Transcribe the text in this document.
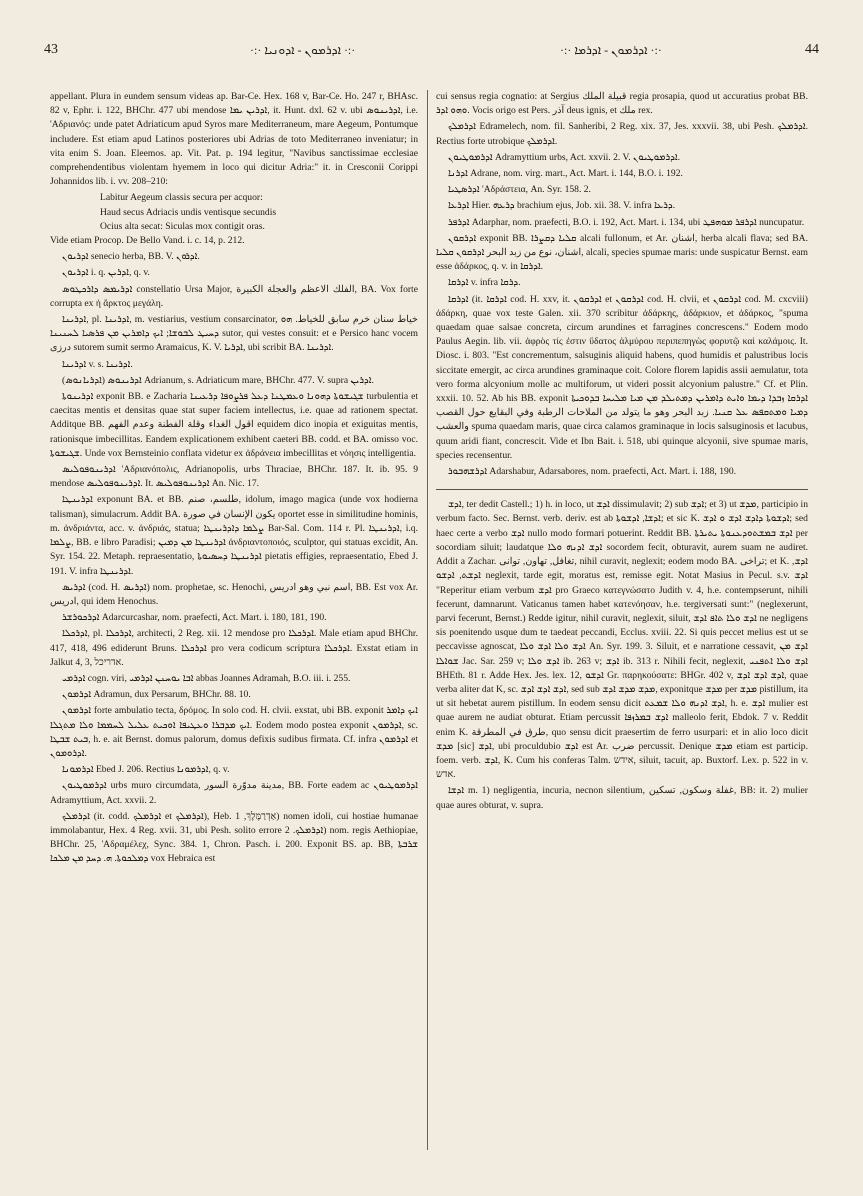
43	·:· ܐܕܪܡܘܢ - ܐܕܘܢܝܐ ·:·	·:· ܐܕܪܡܘܢ - ܐܕܪܡܐ ·:·	44

appellant. Plura in eundem sensum videas ap. Bar-Ce. Hex. 168 v, Bar-Ce. Ho. 247 r, BHAsc. 82 v, Ephr. i. 122, BHChr. 477 ubi mendose ܐܕܪܝܢ ܝܡܐ, it. Hunt. dxl. 62 v. ubi ܐܕܪܝܢܘܣ, i.e. 'Αδριανός: unde patet Adriaticum apud Syros mare Mediterraneum, mare Aegeum, Pontumque includere. Est etiam apud Latinos posteriores ubi Adrias de toto Mediterraneo inveniatur; in vita enim S. Joan. Eleemos. ap. Vit. Pat. p. 194 legitur, "Navibus sanctissimae ecclesiae comprehendentibus violentam hyemem in loco qui dicitur Adria:" it. in Cresconii Corippi Johannidos lib. i. vv. 208–210:

Labitur Aegeum classis secura per acquor:
Haud secus Adriacis undis ventisque secundis
Ocius alta secat: Siculas mox contigit oras.

Vide etiam Procop. De Bello Vand. i. c. 14, p. 212.

ܐܕܪܝܘܢ senecio herba, BB. V. ܐܕܪܘܢ.

ܐܕܪܝܘܢ i. q. ܐܕܪܝܢ, q. v.

ܐܕܪܝܡܣ ܕܐܪܟܛܘܣ constellatio Ursa Major, الفلك الاعظم والعجلة الكبيرة, BA. Vox forte corrupta ex ἡ ἄρκτος μεγάλη.

ܐܕܪܝܢܐ, pl. ܐܕܪܝܢܐ, m. vestiarius, vestium consarcinator, خياط سنان خرم سابق للخياط. ܗܘ ܕܚܝܛ ܠܒܘܫܐ; ܐܝܟ ܕܐܡܪܝܢ ܡܢ ܦܪܣܝܐ ܠܚܢܝܢܐ sutor, qui vestes consuit: et e Persico hanc vocem درزی sutorem sumit sermo Aramaicus, K. V. ܐܕܪܝܐ, ubi scribit BA. ܐܕܪܝܢܐ.

ܐܕܪܝܢܐ v. s. ܐܕܪܝܢܐ.

ܐܕܪܝܢܘܣ (ܐܕܪܝܐܢܘܣ) Adrianum, s. Adriaticum mare, BHChr. 477. V. supra ܐܕܪܝܢ.

ܐܕܪܝܢܘܬܐ exponit BB. e Zacharia ܫܓܝܫܘܬܐ ܕܗܘܢܐ ܘܥܡܛܢܐ ܕܥܠ ܦܪܨܘܦܐ ܕܪܥܝܢܐ turbulentia et caecitas mentis et densitas quae stat super faciem intellectus, i.e. quae ad rationem spectat. Additque BB. اقول الغداء وقلة الفطنة وعدم الفهم equidem dico inopia et exiguitas mentis, rationisque imbecillitas. Eandem explicationem exhibent caeteri BB. codd. et BA. omisso voc. ܫܓܝܫܘܬܐ. Unde vox Bernsteinio conflata videtur ex ἀδράνεια imbecillitas et νόησις intelligentia.

ܐܕܪܝܢܘܦܘܠܝܣ 'Αδριανόπολις, Adrianopolis, urbs Thraciae, BHChr. 187. It. ib. 95. 9 mendose ܐܕܪܝܢܘܦܘܠܝܣ. It. ܐܕܪܝܢܘܦܘܠܝܣ An. Nic. 17.

ܐܕܪܝܢܛܐ exponunt BA. et BB. طلسم، صنم, idolum, imago magica (unde vox hodierna talisman), simulacrum. Addit BA. يكون الإنسان في صورة oportet esse in similitudine hominis, m. ἀνδριάντα, acc. v. ἀνδριάς, statua; ܨܠܡܐ ܕܐܕܪܝܢܛܐ Bar-Sal. Com. 114 r. Pl. ܐܕܪܝܢܛܐ, i.q. ܨܠܡܐ, BB. e libro Paradisi; ܐܕܪܝܢܛܐ ܡܢ ܕܡܝܢ ἀνδριαντοποιός, sculptor, qui statuas excidit, An. Syr. 154. 22. Metaph. repraesentatio, ܐܕܪܝܢܛܐ ܕܚܣܝܘܬܐ pietatis effigies, repraesentatio, Ebed J. 191. V. infra ܐܕܪܝܢܛܐ.

ܐܕܪܝܣ (cod. H. ܐܕܪܝܣ) nom. prophetae, sc. Henochi, اسم نبي وهو ادريس, BB. Est vox Ar. ادريس, qui idem Henochus.

ܐܕܪܟܘܪܫܪ Adarcurcashar, nom. praefecti, Act. Mart. i. 180, 181, 190.

ܐܕܪܟܠܐ, pl. ܐܕܪܟܠܐ, architecti, 2 Reg. xii. 12 mendose pro ܐܕܪܟܠܐ. Male etiam apud BHChr. 417, 418, 496 ediderunt Bruns. ܐܕܪܟܠܐ pro vera codicum scriptura ܐܕܪܟܠܐ. Exstat etiam in Jalkut 4, 3, אדריכל.

ܐܕܪܡܝ cogn. viri, ܐܒܐ ܝܘܚܢܢ ܐܕܪܡܝ abbas Joannes Adramah, B.O. iii. i. 255.

ܐܕܪܡܘܢ Adramun, dux Persarum, BHChr. 88. 10.

ܐܕܪܡܘܢ forte ambulatio tecta, δρόμος. In solo cod. H. clvii. exstat, ubi BB. exponit ܐܝܟ ܕܐܡܪ ܐܝܟ ܡܕܒܪܐ ܘܥܛܝܦܐ ܐܘܟܝܬ ܥܠܝܠ ܠܚܡܡܐ ܘܠܐ ܡܬܓܠܐ. Eodem modo postea exponit ܐܕܪܡܘܢ, sc. ܒܝܬ ܫܒܛܐ, h. e. ait Bernst. domus palorum, domus defixis sudibus firmata. Cf. infra ܐܕܪܡܘܢ et ܐܕܪܘܡܘܢ.

ܐܕܪܡܘܢܐ Ebed J. 206. Rectius ܐܕܪܡܘܢܐ, q. v.

ܐܕܪܡܘܛܝܘܢ urbs muro circumdata, مدينة مدوّرة السور, BB. Forte eadem ac ܐܕܪܡܘܛܝܘܢ Adramyttium, Act. xxvii. 2.

ܐܕܪܡܠܟ (it. codd. ܐܕܪܡܠܟ et ܐܕܪܡܠܟ), Heb. אַדְרַמֶּלֶךְ, 1) nomen idoli, cui hostiae humanae immolabantur, Hex. 4 Reg. xvii. 31, ubi Pesh. solito errore ܐܕܪܡܠܟ. 2) nom. regis Aethiopiae, BHChr. 25, 'Αδραμέλεχ, Sync. 384. 1, Chron. Pasch. i. 200. Exponit BS. ap. BB, ܫܪܒܬܐ ܕܡܠܟܘܬܐ. ܗ. ܕܚܕ ܡܢ ܡܠܟܐ vox Hebraica est

cui sensus regia cognatio: at Sergius قبيلة الملك regia prosapia, quod ut accuratius probat BB. ܘܗܘ ܐܕܪ. Vocis origo est Pers. آذر deus ignis, et ملك rex.

ܐܕܪܡܠܟ Edramelech, nom. fil. Sanheribi, 2 Reg. xix. 37, Jes. xxxvii. 38, ubi Pesh. ܐܕܪܡܠܟ. Rectius forte utrobique ܐܕܪܡܠܟ.

ܐܕܪܡܘܛܝܘܢ Adramyttium urbs, Act. xxvii. 2. V. ܐܕܪܡܘܛܝܘܢ.

ܐܕܪܢܐ Adrane, nom. virg. mart., Act. Mart. i. 144, B.O. i. 192.

ܐܕܪܣܛܝܐ 'Αδράστεια, An. Syr. 158. 2.

ܐܕܪܥܐ Hier. ܕܪܥܗ brachium ejus, Job. xii. 38. V. infra ܕܪܥܐ.

ܐܕܪܦܪ Adarphar, nom. praefecti, B.O. i. 192, Act. Mart. i. 134, ubi ܐܕܪܦܪ ܡܘܗܦܛ nuncupatur.

ܐܕܪܩܘܢ exponit BB. ܩܠܝܐ ܕܩܨܪܐ alcali fullonum, et Ar. اشنان, herba alcali flava; sed BA. اشنان، نوع من زبد البحر ܐܕܪܩܘܢ ܩܠܝܐ, alcali, species spumae maris: unde suspicatur Bernst. eam esse ἀδάρκος, q. v. in ܐܕܪܩܐ.

ܐܕܪܩܐ v. infra ܕܪܩܐ.

ܐܕܪܩܐ (it. ܐܕܪܩܐ cod. H. xxv, it. ܐܕܪܩܘܢ et ܐܕܪܩܘܢ cod. H. clvii, et ܐܕܪܩܘܢ cod. M. cxcviii) ἀδάρκη, quae vox teste Galen. xii. 370 scribitur ἀδάρκης, ἀδάρκιον, et ἀδάρκος, "spuma quaedam quae salsae concreta, circum arundines et farragines concrescens." Eodem modo Paulus Aegin. lib. vii. ἀφρὸς τίς ἐστιν ὕδατος ἁλμύρου περιπεπηγὼς φορυτῷ καὶ καλάμοις. It. Diosc. i. 803. "Est concrementum, salsuginis aliquid habens, quod humidis et palustribus locis siccitate emergit, ac circa arundines graminaque coit. Colore florem lapidis assii aemulatur, tota vero forma alcyonium molle ac multiforum, ut videri possit alcyonium palustre." Cf. et Plin. xxxii. 10. 52. Ab his BB. exponit ܐܕܪܩܐ ܙܒܕܐ ܕܝܡܐ ܘܐܝܬ ܕܐܡܪܝܢ ܕܡܬܝܠܕ ܡܢ ܡܝܐ ܡܠܝܚܐ ܒܕܘܟܝܬܐ ܕܡܝܐ ܘܡܬܩܦܣ ܥܠ ܩܢܝܐ. زبد البحر وهو ما يتولد من الملاحات الرطبة وفي البقايع حول القصب والعشب spuma quaedam maris, quae circa calamos graminaque in locis salsuginosis et lacubus, quum aridi fiant, concrescit. Vide et Ibn Bait. i. 518, ubi quinque alcyonii, sive spumae maris, species recensentur.

ܐܕܪܫܗܒܘܪ Adarshabur, Adarsabores, nom. praefecti, Act. Mart. i. 188, 190.

ܐܕܫ, ter dedit Castell.; 1) h. in loco, ut ܐܕܫ dissimulavit; 2) sub ܐܕܫ; et 3) ut ܡܕܫ, participio in verbum facto. Sec. Bernst. verb. deriv. est ab ܐܕܫܐ, ܐܕܫܘܬܐ; et sic K. ܐܕܫܘܬܐ ܕܐܕܫ ܐܕܫ ܘ ܐܕܫ; sed haec certe a verbo ܐܕܫ nullo modo formari potuerint. Reddit BB. ܐܕܫ ܒܡܫܬܘܕܥܢܘܬܐ ܝܬܝܪܬܐ per socordiam siluit; laudatque ܐܕܫ ܐܕܢܗ ܘܠܐ socordem fecit, obturavit, aurem suam ne audiret. Addit a Zachar. تغافل, تهاون, توانى, nihil curavit, neglexit; eodem modo BA. تراخى; et K. ܐܕܫ, ܐܕܫܬ, ܐܕܫܘ neglexit, tarde egit, moratus est, remisse egit. Notat Masius in Pecul. s.v. ܐܕܫ "Reperitur etiam verbum ܐܕܫ pro Graeco κατεγνώσατο Judith v. 4, h.e. contempserunt, nihili fecerunt, damnarunt. Vaticanus tamen habet κατενόησαν, h.e. tergiversati sunt:" (neglexerunt, parvi fecerunt, Bernst.) Redde igitur, nihil curavit, neglexit, siluit, ܐܕܫ ܘܠܐ ܬܐܦ ܐܕܫ ne negligens sis poenitendo usque dum te taedeat peccandi, Ecclus. xviii. 22. Si quis peccet melius est ut se peccavisse agnoscat, ܐܕܫ ܘܠܐ ܐܕܫ ܘܠܐ An. Syr. 199. 3. Siluit, et e narratione cessavit, ܐܕܫ ܡܢ ܫܘܐܠܐ Jac. Sar. 259 v; ܐܕܫ ܘܠܐ ib. 263 v; ܐܕܫ ib. 313 r. Nihili fecit, neglexit, ܐܕܫ ܘܠܐ ܐܬܦܢܝ BHEth. 81 r. Adde Hex. Jes. lex. 12, ܐܕܫܘ Gr. παρηκούσατε: BHGr. 402 v, ܐܕܫ ܐܕܫ ܐܕܫ, quae verba aliter dat K, sc. ܐܕܫ ܐܕܫ ܐܕܫ, sed sub ܡܕܫ ܡܕܫ ܐܕܫ, exponitque ܡܕܫ per ܡܕܫ pistillum, ita ut sit hebetat aurem pistillum. In eodem sensu dicit ܐܕܫ ܐܕܢܗ ܘܠܐ ܫܡܥܬ, h. e. ܐܕܫ mulier est quae aurem ne audiat obturat. Etiam percussit ܐܕܫ ܒܡܪܙܦܐ malleolo ferit, Ebdok. 7 v. Reddit enim K. طرق في المطرقة, quo sensu dicit praesertim de ferro usurpari: et in alio loco dicit ܡܕܫ [sic] ܐܕܫ, ubi proculdubio ܐܕܫ est Ar. ضرب percussit. Denique ܡܕܫ etiam est particip. foem. verb. ܐܕܫ, K. Cum his conferas Talm. אידש, siluit, tacuit, ap. Buxtorf. Lex. p. 522 in v. אדש.

ܐܕܫܐ m. 1) negligentia, incuria, necnon silentium, غفلة وسكون, تسكين, BB: it. 2) mulier quae aures obturat, v. supra.
